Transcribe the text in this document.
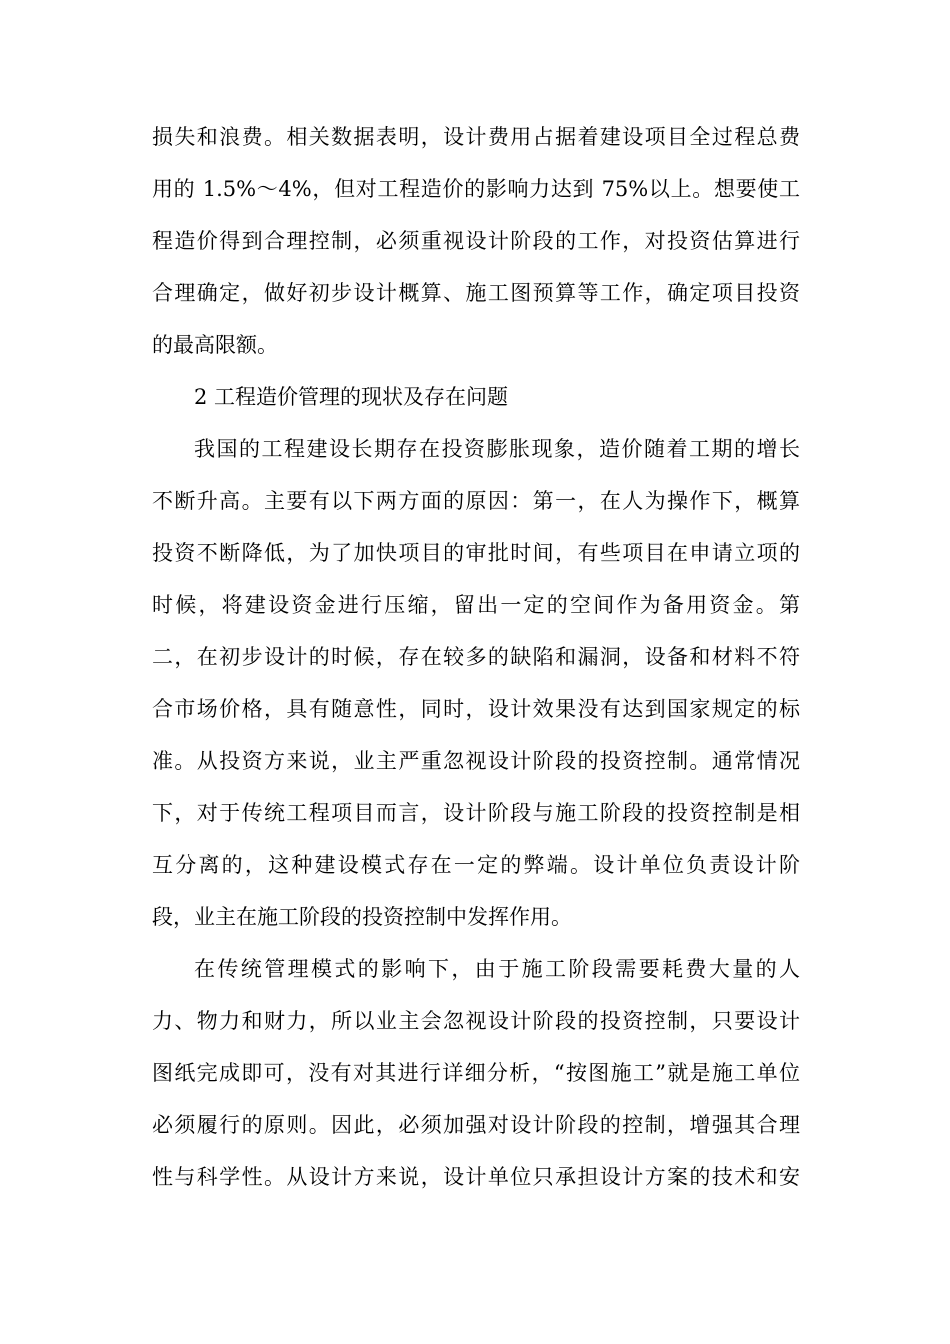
损失和浪费。相关数据表明，设计费用占据着建设项目全过程总费
用的 1.5%～4%，但对工程造价的影响力达到 75%以上。想要使工
程造价得到合理控制，必须重视设计阶段的工作，对投资估算进行
合理确定，做好初步设计概算、施工图预算等工作，确定项目投资
的最高限额。
2 工程造价管理的现状及存在问题
我国的工程建设长期存在投资膨胀现象，造价随着工期的增长
不断升高。主要有以下两方面的原因：第一，在人为操作下，概算
投资不断降低，为了加快项目的审批时间，有些项目在申请立项的
时候，将建设资金进行压缩，留出一定的空间作为备用资金。第
二，在初步设计的时候，存在较多的缺陷和漏洞，设备和材料不符
合市场价格，具有随意性，同时，设计效果没有达到国家规定的标
准。从投资方来说，业主严重忽视设计阶段的投资控制。通常情况
下，对于传统工程项目而言，设计阶段与施工阶段的投资控制是相
互分离的，这种建设模式存在一定的弊端。设计单位负责设计阶
段，业主在施工阶段的投资控制中发挥作用。
在传统管理模式的影响下，由于施工阶段需要耗费大量的人
力、物力和财力，所以业主会忽视设计阶段的投资控制，只要设计
图纸完成即可，没有对其进行详细分析，“按图施工”就是施工单位
必须履行的原则。因此，必须加强对设计阶段的控制，增强其合理
性与科学性。从设计方来说，设计单位只承担设计方案的技术和安
